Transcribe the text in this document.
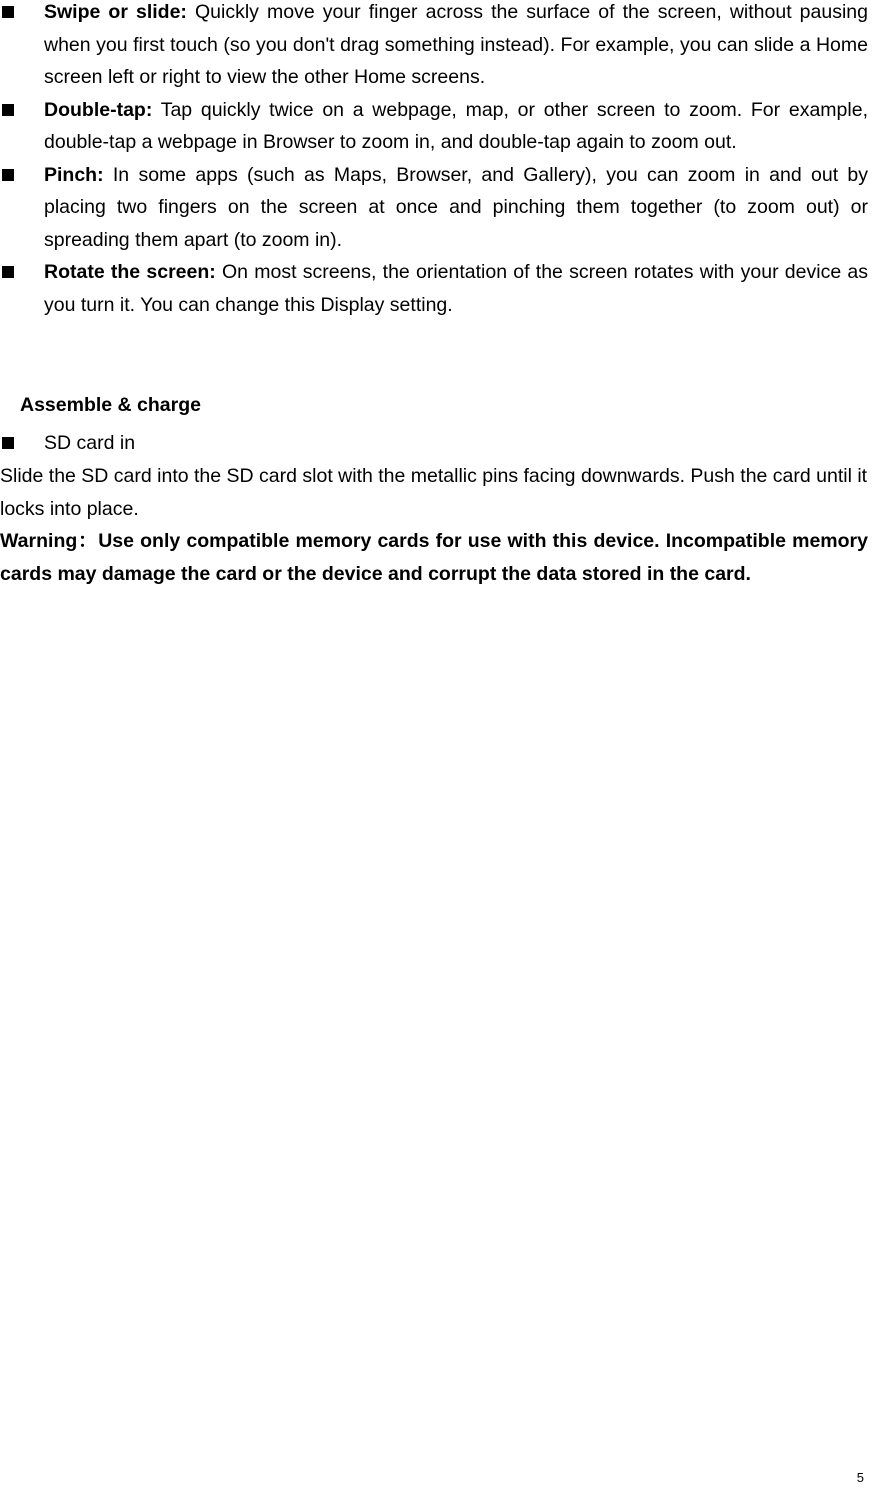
Swipe or slide: Quickly move your finger across the surface of the screen, without pausing when you first touch (so you don't drag something instead). For example, you can slide a Home screen left or right to view the other Home screens.
Double-tap: Tap quickly twice on a webpage, map, or other screen to zoom. For example, double-tap a webpage in Browser to zoom in, and double-tap again to zoom out.
Pinch: In some apps (such as Maps, Browser, and Gallery), you can zoom in and out by placing two fingers on the screen at once and pinching them together (to zoom out) or spreading them apart (to zoom in).
Rotate the screen: On most screens, the orientation of the screen rotates with your device as you turn it. You can change this Display setting.
Assemble & charge
SD card in

Slide the SD card into the SD card slot with the metallic pins facing downwards. Push the card until it locks into place.

Warning：Use only compatible memory cards for use with this device. Incompatible memory cards may damage the card or the device and corrupt the data stored in the card.

5
